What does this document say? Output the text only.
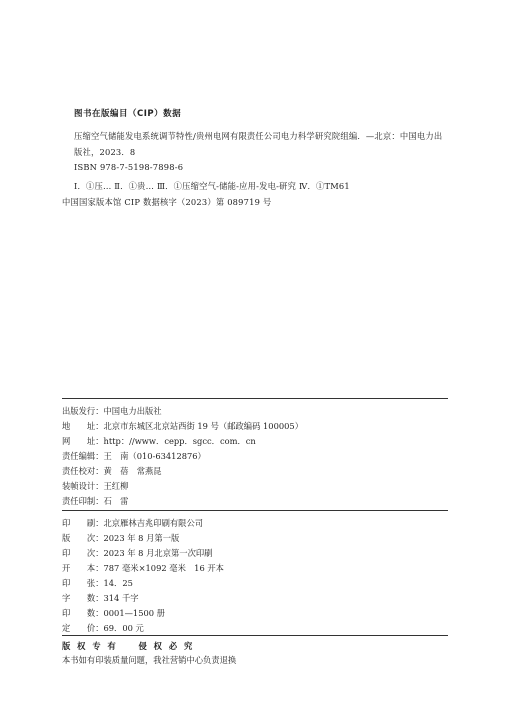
图书在版编目（CIP）数据
压缩空气储能发电系统调节特性/贵州电网有限责任公司电力科学研究院组编．—北京：中国电力出
版社，2023．8
ISBN 978-7-5198-7898-6
Ⅰ．①压… Ⅱ．①贵… Ⅲ．①压缩空气-储能-应用-发电-研究 Ⅳ．①TM61
中国国家版本馆 CIP 数据核字（2023）第 089719 号
出版发行： 中国电力出版社
地　　址： 北京市东城区北京站西街 19 号（邮政编码 100005）
网　　址： http：//www．cepp．sgcc．com．cn
责任编辑： 王　南（010-63412876）
责任校对： 黄　蓓　常燕昆
装帧设计： 王红柳
责任印制： 石　雷
印　　刷： 北京雁林吉兆印刷有限公司
版　　次： 2023 年 8 月第一版
印　　次： 2023 年 8 月北京第一次印刷
开　　本： 787 毫米×1092 毫米　16 开本
印　　张： 14．25
字　　数： 314 千字
印　　数： 0001—1500 册
定　　价： 69．00 元
版 权 专 有　　侵 权 必 究
本书如有印装质量问题，我社营销中心负责退换
